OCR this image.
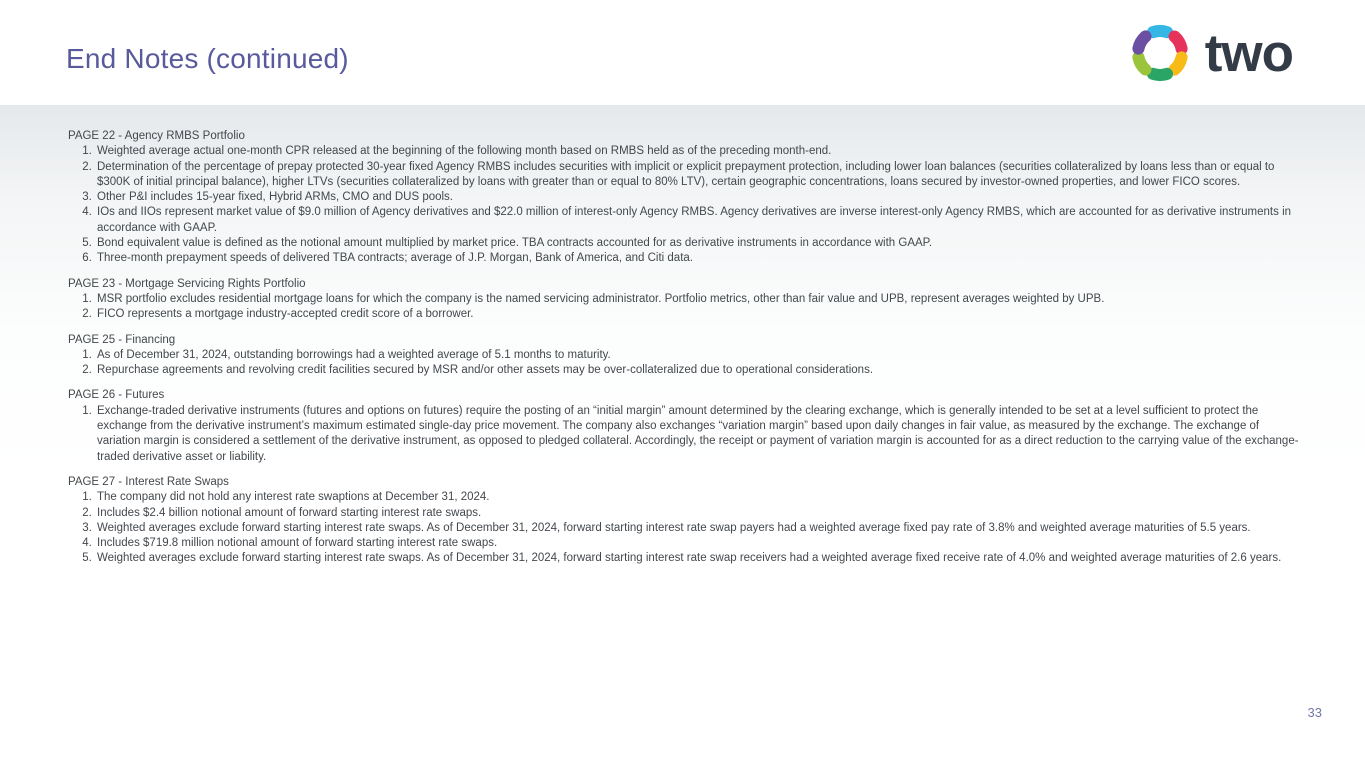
End Notes (continued)	two

PAGE 22 - Agency RMBS Portfolio

1. Weighted average actual one-month CPR released at the beginning of the following month based on RMBS held as of the preceding month-end.
2. Determination of the percentage of prepay protected 30-year fixed Agency RMBS includes securities with implicit or explicit prepayment protection, including lower loan balances (securities collateralized by loans less than or equal to $300K of initial principal balance), higher LTVs (securities collateralized by loans with greater than or equal to 80% LTV), certain geographic concentrations, loans secured by investor-owned properties, and lower FICO scores.
3. Other P&I includes 15-year fixed, Hybrid ARMs, CMO and DUS pools.
4. IOs and IIOs represent market value of $9.0 million of Agency derivatives and $22.0 million of interest-only Agency RMBS. Agency derivatives are inverse interest-only Agency RMBS, which are accounted for as derivative instruments in accordance with GAAP.
5. Bond equivalent value is defined as the notional amount multiplied by market price. TBA contracts accounted for as derivative instruments in accordance with GAAP.
6. Three-month prepayment speeds of delivered TBA contracts; average of J.P. Morgan, Bank of America, and Citi data.

PAGE 23 - Mortgage Servicing Rights Portfolio

1. MSR portfolio excludes residential mortgage loans for which the company is the named servicing administrator. Portfolio metrics, other than fair value and UPB, represent averages weighted by UPB.
2. FICO represents a mortgage industry-accepted credit score of a borrower.

PAGE 25 - Financing

1. As of December 31, 2024, outstanding borrowings had a weighted average of 5.1 months to maturity.
2. Repurchase agreements and revolving credit facilities secured by MSR and/or other assets may be over-collateralized due to operational considerations.

PAGE 26 - Futures

1. Exchange-traded derivative instruments (futures and options on futures) require the posting of an “initial margin” amount determined by the clearing exchange, which is generally intended to be set at a level sufficient to protect the exchange from the derivative instrument’s maximum estimated single-day price movement. The company also exchanges “variation margin” based upon daily changes in fair value, as measured by the exchange. The exchange of variation margin is considered a settlement of the derivative instrument, as opposed to pledged collateral. Accordingly, the receipt or payment of variation margin is accounted for as a direct reduction to the carrying value of the exchange-traded derivative asset or liability.

PAGE 27 - Interest Rate Swaps

1. The company did not hold any interest rate swaptions at December 31, 2024.
2. Includes $2.4 billion notional amount of forward starting interest rate swaps.
3. Weighted averages exclude forward starting interest rate swaps. As of December 31, 2024, forward starting interest rate swap payers had a weighted average fixed pay rate of 3.8% and weighted average maturities of 5.5 years.
4. Includes $719.8 million notional amount of forward starting interest rate swaps.
5. Weighted averages exclude forward starting interest rate swaps. As of December 31, 2024, forward starting interest rate swap receivers had a weighted average fixed receive rate of 4.0% and weighted average maturities of 2.6 years.
33
